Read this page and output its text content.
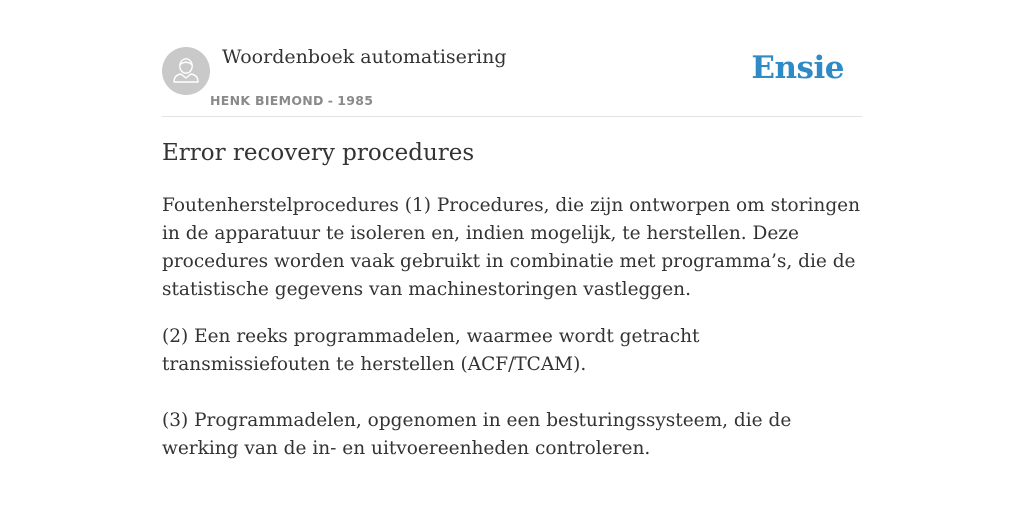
Woordenboek automatisering
HENK BIEMOND - 1985
Ensie
Error recovery procedures

Foutenherstelprocedures (1) Procedures, die zijn ontworpen om storingen in de apparatuur te isoleren en, indien mogelijk, te herstellen. Deze procedures worden vaak gebruikt in combinatie met programma’s, die de statistische gegevens van machinestoringen vastleggen.

(2) Een reeks programmadelen, waarmee wordt getracht transmissiefouten te herstellen (ACF/TCAM).

(3) Programmadelen, opgenomen in een besturingssysteem, die de werking van de in- en uitvoereenheden controleren.
